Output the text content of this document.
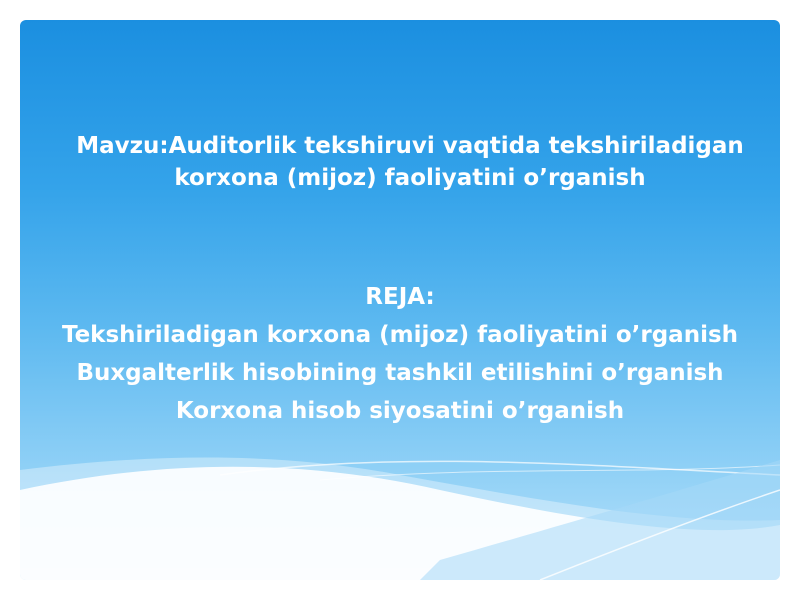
Mavzu:Auditorlik tekshiruvi vaqtida tekshiriladigan
korxona (mijoz) faoliyatini o’rganish
REJA:
Tekshiriladigan korxona (mijoz) faoliyatini o’rganish
Buxgalterlik hisobining tashkil etilishini o’rganish
Korxona hisob siyosatini o’rganish
